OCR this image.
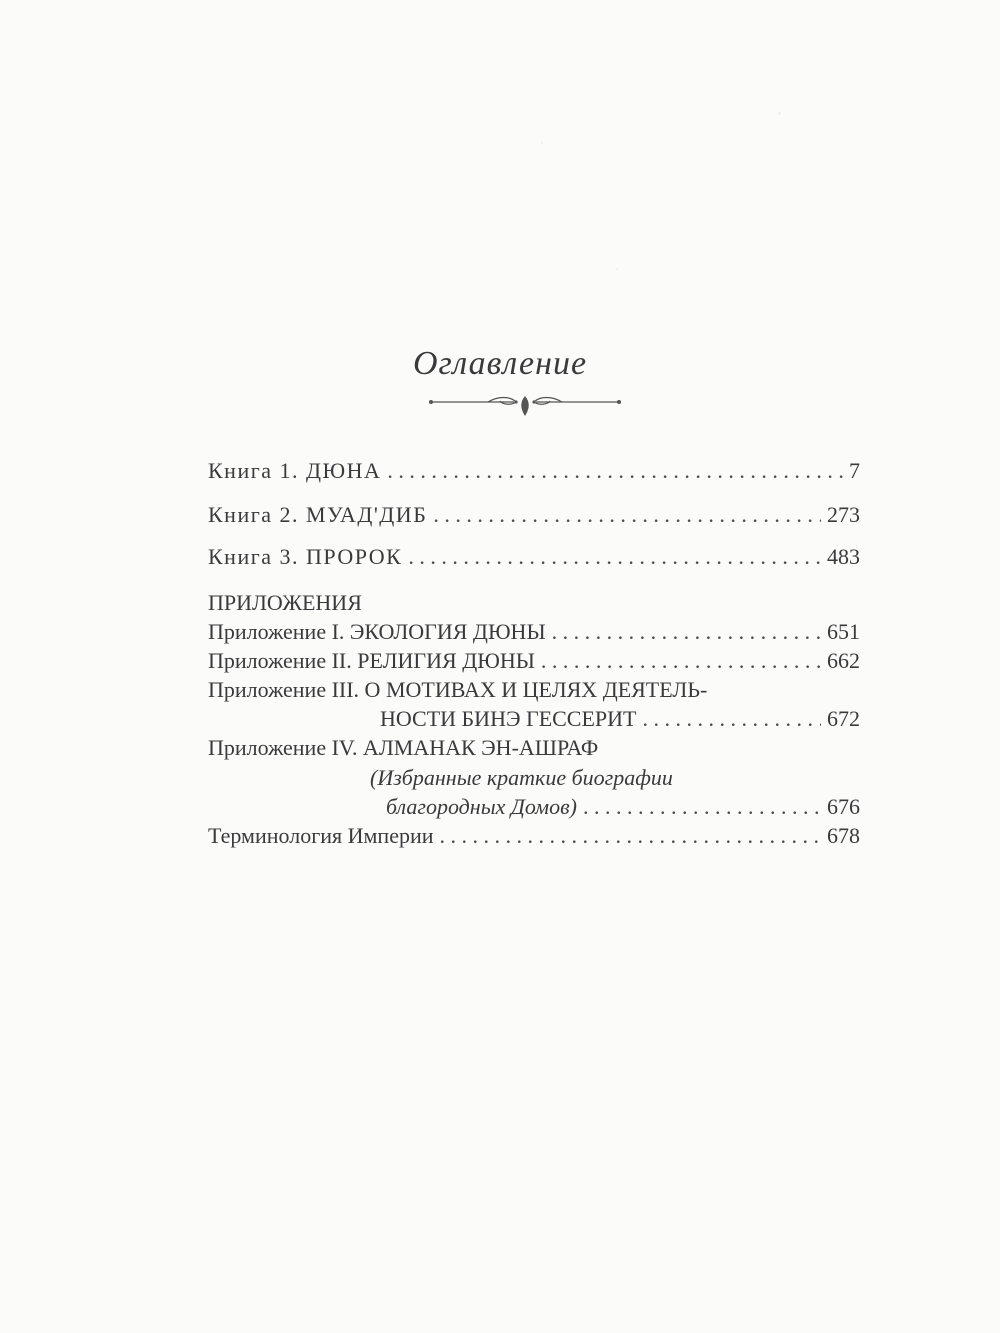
Оглавление
Книга 1. ДЮНА . . .	7
Книга 2. МУАД'ДИБ . . .	273
Книга 3. ПРОРОК . . .	483
ПРИЛОЖЕНИЯ
Приложение I. ЭКОЛОГИЯ ДЮНЫ . . .	651
Приложение II. РЕЛИГИЯ ДЮНЫ . . .	662
Приложение III. О МОТИВАХ И ЦЕЛЯХ ДЕЯТЕЛЬ-
НОСТИ БИНЭ ГЕССЕРИТ . . .	672
Приложение IV. АЛМАНАК ЭН-АШРАФ
(Избранные краткие биографии
благородных Домов) . . .	676
Терминология Империи . . .	678
